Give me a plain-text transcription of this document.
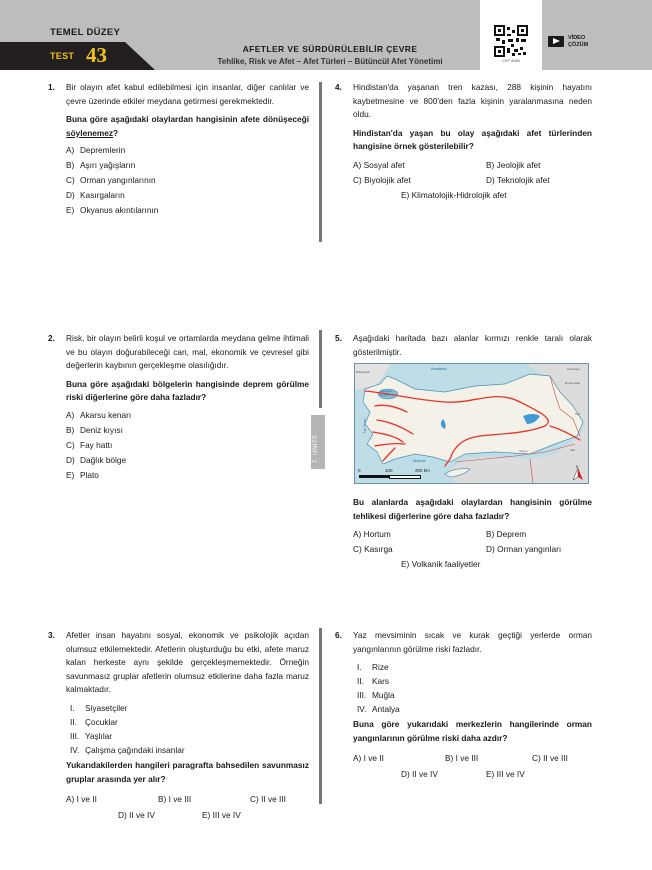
TEMEL DÜZEY
TEST 43	AFETLER VE SÜRDÜRÜLEBİLİR ÇEVRE
Tehlike, Risk ve Afet – Afet Türleri – Bütüncül Afet Yönetimi	CKF 8080
VİDEO
ÇÖZÜM
7. ÜNİTE
1. Bir olayın afet kabul edilebilmesi için insanlar, diğer canlılar ve çevre üzerinde etkiler meydana getirmesi gerekmektedir.
Buna göre aşağıdaki olaylardan hangisinin afete dönüşeceği söylenemez?
A) Depremlerin
B) Aşırı yağışların
C) Orman yangınlarının
D) Kasırgaların
E) Okyanus akıntılarının
2. Risk, bir olayın belirli koşul ve ortamlarda meydana gelme ihtimali ve bu olayın doğurabileceği can, mal, ekonomik ve çevresel gibi değerlerin kaybının gerçekleşme olasılığıdır.
Buna göre aşağıdaki bölgelerin hangisinde deprem görülme riski diğerlerine göre daha fazladır?
A) Akarsu kenarı
B) Deniz kıyısı
C) Fay hattı
D) Dağlık bölge
E) Plato
3. Afetler insan hayatını sosyal, ekonomik ve psikolojik açıdan olumsuz etkilemektedir. Afetlerin oluşturduğu bu etki, afete maruz kalan herkeste aynı şekilde gerçekleşmemektedir. Örneğin savunmasız gruplar afetlerin olumsuz etkilerine daha fazla maruz kalmaktadır.
I. Siyasetçiler
II. Çocuklar
III. Yaşlılar
IV. Çalışma çağındaki insanlar
Yukarıdakilerden hangileri paragrafta bahsedilen savunmasız gruplar arasında yer alır?
A) I ve II	B) I ve III	C) II ve III
D) II ve IV	E) III ve IV
4. Hindistan'da yaşanan tren kazası, 288 kişinin hayatını kaybetmesine ve 800'den fazla kişinin yaralanmasına neden oldu.
Hindistan'da yaşan bu olay aşağıdaki afet türlerinden hangisine örnek gösterilebilir?
A) Sosyal afet	B) Jeolojik afet
C) Biyolojik afet	D) Teknolojik afet
E) Klimatolojik-Hidrolojik afet
5. Aşağıdaki haritada bazı alanlar kırmızı renkle taralı olarak gösterilmiştir.
Karadeniz
Marmara Denizi
Ege Denizi
Akdeniz
Gürcistan
Ermenistan
İran
Irak
Suriye
Bulgaristan
0	100	200 km
K
Bu alanlarda aşağıdaki olaylardan hangisinin görülme tehlikesi diğerlerine göre daha fazladır?
A) Hortum	B) Deprem
C) Kasırga	D) Orman yangınları
E) Volkanik faaliyetler
6. Yaz mevsiminin sıcak ve kurak geçtiği yerlerde orman yangınlarının görülme riski fazladır.
I. Rize
II. Kars
III. Muğla
IV. Antalya
Buna göre yukarıdaki merkezlerin hangilerinde orman yangınlarının görülme riski daha azdır?
A) I ve II	B) I ve III	C) II ve III
D) II ve IV	E) III ve IV
